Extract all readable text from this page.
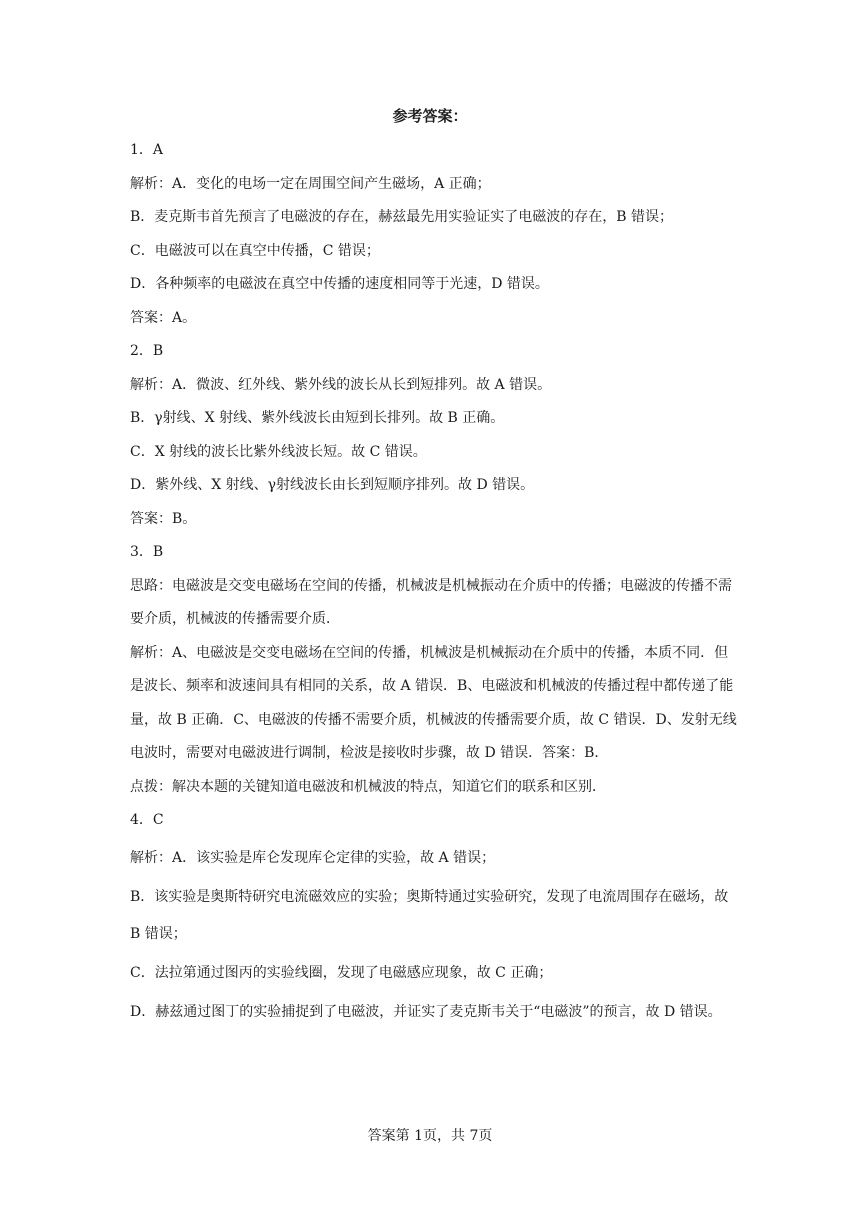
参考答案：

1．A

解析：A．变化的电场一定在周围空间产生磁场，A 正确；

B．麦克斯韦首先预言了电磁波的存在，赫兹最先用实验证实了电磁波的存在，B 错误；

C．电磁波可以在真空中传播，C 错误；

D．各种频率的电磁波在真空中传播的速度相同等于光速，D 错误。

答案：A。

2．B

解析：A．微波、红外线、紫外线的波长从长到短排列。故 A 错误。

B．γ射线、X 射线、紫外线波长由短到长排列。故 B 正确。

C．X 射线的波长比紫外线波长短。故 C 错误。

D．紫外线、X 射线、γ射线波长由长到短顺序排列。故 D 错误。

答案：B。

3．B

思路：电磁波是交变电磁场在空间的传播，机械波是机械振动在介质中的传播；电磁波的传播不需要介质，机械波的传播需要介质．

解析：A、电磁波是交变电磁场在空间的传播，机械波是机械振动在介质中的传播，本质不同．但是波长、频率和波速间具有相同的关系，故 A 错误．B、电磁波和机械波的传播过程中都传递了能量，故 B 正确．C、电磁波的传播不需要介质，机械波的传播需要介质，故 C 错误．D、发射无线电波时，需要对电磁波进行调制，检波是接收时步骤，故 D 错误．答案：B．

点拨：解决本题的关键知道电磁波和机械波的特点，知道它们的联系和区别．

4．C

解析：A．该实验是库仑发现库仑定律的实验，故 A 错误；

B．该实验是奥斯特研究电流磁效应的实验；奥斯特通过实验研究，发现了电流周围存在磁场，故 B 错误；

C．法拉第通过图丙的实验线圈，发现了电磁感应现象，故 C 正确；

D．赫兹通过图丁的实验捕捉到了电磁波，并证实了麦克斯韦关于“电磁波”的预言，故 D 错误。

答案第 1页，共 7页
